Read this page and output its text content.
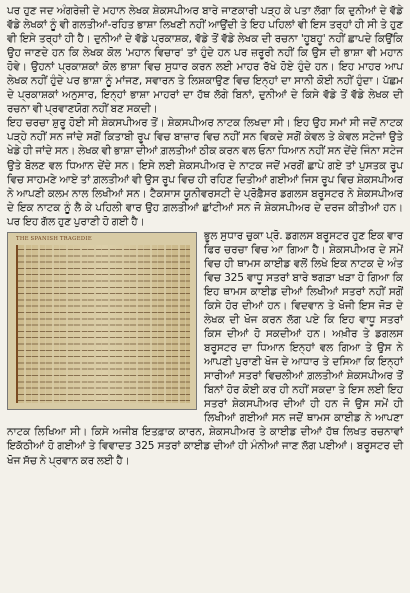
ਪਰ ਹੁਣ ਜਦ ਅੰਗਰੇਜ਼ੀ ਦੇ ਮਹਾਨ ਲੇਖਕ ਸ਼ੇਕਸਪੀਅਰ ਬਾਰੇ ਜਾਣਕਾਰੀ ਪੜ੍ਹ ਕੇ ਪਤਾ ਲੱਗਾ ਕਿ ਦੁਨੀਆਂ ਦੇ ਵੱਡੇ ਵੱਡੇ ਲੇਖਕਾਂ ਨੂੰ ਵੀ ਗਲਤੀਆਂ-ਰਹਿਤ ਭਾਸ਼ਾ ਲਿਖਣੀ ਨਹੀਂ ਆਉਂਦੀ ਤੇ ਇਹ ਪਹਿਲਾਂ ਵੀ ਇਸ ਤਰ੍ਹਾਂ ਹੀ ਸੀ ਤੇ ਹੁਣ ਵੀ ਇਸੇ ਤਰ੍ਹਾਂ ਹੀ ਹੈ। ਦੁਨੀਆਂ ਦੇ ਵੱਡੇ ਪ੍ਰਕਾਸ਼ਕ, ਵੱਡੇ ਤੋਂ ਵੱਡੇ ਲੇਖਕ ਦੀ ਰਚਨਾ 'ਹੂਬਹੂ' ਨਹੀਂ ਛਾਪਦੇ ਕਿਉਂਕਿ ਉਹ ਜਾਣਦੇ ਹਨ ਕਿ ਲੇਖਕ ਕੋਲ 'ਮਹਾਨ ਵਿਚਾਰ' ਤਾਂ ਹੁੰਦੇ ਹਨ ਪਰ ਜ਼ਰੂਰੀ ਨਹੀਂ ਕਿ ਉਸ ਦੀ ਭਾਸ਼ਾ ਵੀ ਮਹਾਨ ਹੋਵੇ। ਉਹਨਾਂ ਪ੍ਰਕਾਸ਼ਕਾਂ ਕੋਲ ਭਾਸ਼ਾ ਵਿਚ ਸੁਧਾਰ ਕਰਨ ਲਈ ਮਾਹਰ ਰੱਖੇ ਹੋਏ ਹੁੰਦੇ ਹਨ। ਇਹ ਮਾਹਰ ਆਪ ਲੇਖਕ ਨਹੀਂ ਹੁੰਦੇ ਪਰ ਭਾਸ਼ਾ ਨੂੰ ਮਾਂਜਣ, ਸਵਾਰਨ ਤੇ ਲਿਸ਼ਕਾਉਣ ਵਿਚ ਇਨ੍ਹਾਂ ਦਾ ਸਾਨੀ ਕੋਈ ਨਹੀਂ ਹੁੰਦਾ। ਪੱਛਮ ਦੇ ਪ੍ਰਕਾਸ਼ਕਾਂ ਅਨੁਸਾਰ, ਇਨ੍ਹਾਂ ਭਾਸ਼ਾ ਮਾਹਰਾਂ ਦਾ ਹੱਥ ਲੱਗੇ ਬਿਨਾਂ, ਦੁਨੀਆਂ ਦੇ ਕਿਸੇ ਵੱਡੇ ਤੋਂ ਵੱਡੇ ਲੇਖਕ ਦੀ ਰਚਨਾ ਵੀ ਪ੍ਰਵਾਣਯੋਗ ਨਹੀਂ ਬਣ ਸਕਦੀ।

ਇਹ ਚਰਚਾ ਸ਼ੁਰੂ ਹੋਈ ਸੀ ਸ਼ੇਕਸਪੀਅਰ ਤੋਂ। ਸ਼ੇਕਸਪੀਅਰ ਨਾਟਕ ਲਿਖਦਾ ਸੀ। ਇਹ ਉਹ ਸਮਾਂ ਸੀ ਜਦੋਂ ਨਾਟਕ ਪੜ੍ਹੇ ਨਹੀਂ ਸਨ ਜਾਂਦੇ ਸਗੋਂ ਕਿਤਾਬੀ ਰੂਪ ਵਿਚ ਬਾਜ਼ਾਰ ਵਿਚ ਨਹੀਂ ਸਨ ਵਿਕਦੇ ਸਗੋਂ ਕੇਵਲ ਤੇ ਕੇਵਲ ਸਟੇਜਾਂ ਉਤੇ ਖੇਡੇ ਹੀ ਜਾਂਦੇ ਸਨ। ਲੇਖਕ ਵੀ ਭਾਸ਼ਾ ਦੀਆਂ ਗ਼ਲਤੀਆਂ ਠੀਕ ਕਰਨ ਵਲ ਓਨਾ ਧਿਆਨ ਨਹੀਂ ਸਨ ਦੇਂਦੇ ਜਿੰਨਾ ਸਟੇਜ ਉਤੇ ਬੋਲਣ ਵਲ ਧਿਆਨ ਦੇਂਦੇ ਸਨ। ਇਸੇ ਲਈ ਸ਼ੇਕਸਪੀਅਰ ਦੇ ਨਾਟਕ ਜਦੋਂ ਮਰਗੋਂ ਛਾਪੇ ਗਏ ਤਾਂ ਪੁਸਤਕ ਰੂਪ ਵਿਚ ਸਾਹਮਣੇ ਆਏ ਤਾਂ ਗ਼ਲਤੀਆਂ ਵੀ ਉਸ ਰੂਪ ਵਿਚ ਹੀ ਰਹਿਣ ਦਿਤੀਆਂ ਗਈਆਂ ਜਿਸ ਰੂਪ ਵਿਚ ਸ਼ੇਕਸਪੀਅਰ ਨੇ ਆਪਣੀ ਕਲਮ ਨਾਲ ਲਿਖੀਆਂ ਸਨ। ਟੈਕਸਾਸ ਯੂਨੀਵਰਸਟੀ ਦੇ ਪ੍ਰੋਫ਼ੈਸਰ ਡਗਲਸ ਬਰੂਸਟਰ ਨੇ ਸ਼ੇਕਸਪੀਅਰ ਦੇ ਇਕ ਨਾਟਕ ਨੂੰ ਲੈ ਕੇ ਪਹਿਲੀ ਵਾਰ ਉਹ ਗ਼ਲਤੀਆਂ ਛਾਂਟੀਆਂ ਸਨ ਜੋ ਸ਼ੇਕਸਪੀਅਰ ਦੇ ਦਰਜ ਕੀਤੀਆਂ ਹਨ। ਪਰ ਇਹ ਗੱਲ ਹੁਣ ਪੁਰਾਣੀ ਹੋ ਗਈ ਹੈ।

THE SPANISH TRAGEDIE	ਭੂਲ ਸੁਧਾਰ ਚੁਕਾ ਪ੍ਰੋ. ਡਗਲਸ ਬਰੂਸਟਰ ਹੁਣ ਇਕ ਵਾਰ ਫਿਰ ਚਰਚਾ ਵਿਚ ਆ ਗਿਆ ਹੈ। ਸ਼ੇਕਸਪੀਅਰ ਦੇ ਸਮੇਂ ਵਿਚ ਹੀ ਥਾਮਸ ਕਾਈਡ ਵਲੋਂ ਲਿਖੇ ਇਕ ਨਾਟਕ ਦੇ ਅੰਤ ਵਿਚ 325 ਵਾਧੂ ਸਤਰਾਂ ਬਾਰੇ ਝਗੜਾ ਖੜਾ ਹੋ ਗਿਆ ਕਿ ਇਹ ਥਾਮਸ ਕਾਈਡ ਦੀਆਂ ਲਿਖੀਆਂ ਸਤਰਾਂ ਨਹੀਂ ਸਗੋਂ ਕਿਸੇ ਹੋਰ ਦੀਆਂ ਹਨ। ਵਿਦਵਾਨ ਤੇ ਖੋਜੀ ਇਸ ਜੋੜ ਦੇ ਲੇਖਕ ਦੀ ਖੋਜ ਕਰਨ ਲੱਗ ਪਏ ਕਿ ਇਹ ਵਾਧੂ ਸਤਰਾਂ ਕਿਸ ਦੀਆਂ ਹੋ ਸਕਦੀਆਂ ਹਨ। ਅਖ਼ੀਰ ਤੇ ਡਗਲਸ ਬਰੂਸਟਰ ਦਾ ਧਿਆਨ ਇਨ੍ਹਾਂ ਵਲ ਗਿਆ ਤੇ ਉਸ ਨੇ ਆਪਣੀ ਪੁਰਾਣੀ ਖੋਜ ਦੇ ਆਧਾਰ ਤੇ ਦਸਿਆ ਕਿ ਇਨ੍ਹਾਂ ਸਾਰੀਆਂ ਸਤਰਾਂ ਵਿਚਲੀਆਂ ਗ਼ਲਤੀਆਂ ਸ਼ੇਕਸਪੀਅਰ ਤੋਂ ਬਿਨਾਂ ਹੋਰ ਕੋਈ ਕਰ ਹੀ ਨਹੀਂ ਸਕਦਾ ਤੇ ਇਸ ਲਈ ਇਹ ਸਤਰਾਂ ਸ਼ੇਕਸਪੀਅਰ ਦੀਆਂ ਹੀ ਹਨ ਜੋ ਉਸ ਸਮੇਂ ਹੀ ਲਿਖੀਆਂ ਗਈਆਂ ਸਨ ਜਦੋਂ ਥਾਮਸ ਕਾਈਡ ਨੇ ਆਪਣਾ ਨਾਟਕ ਲਿਖਿਆ ਸੀ। ਕਿਸੇ ਅਜੀਬ ਇਤਫ਼ਾਕ ਕਾਰਨ, ਸ਼ੇਕਸਪੀਅਰ ਤੇ ਕਾਈਡ ਦੀਆਂ ਹੱਥ ਲਿਖਤ ਰਚਨਾਵਾਂ ਇਕੱਠੀਆਂ ਹੋ ਗਈਆਂ ਤੇ ਵਿਵਾਦਤ 325 ਸਤਰਾਂ ਕਾਈਡ ਦੀਆਂ ਹੀ ਮੰਨੀਆਂ ਜਾਣ ਲੱਗ ਪਈਆਂ। ਬਰੂਸਟਰ ਦੀ ਖੋਜ ਸੱਚ ਨੇ ਪ੍ਰਵਾਨ ਕਰ ਲਈ ਹੈ।
